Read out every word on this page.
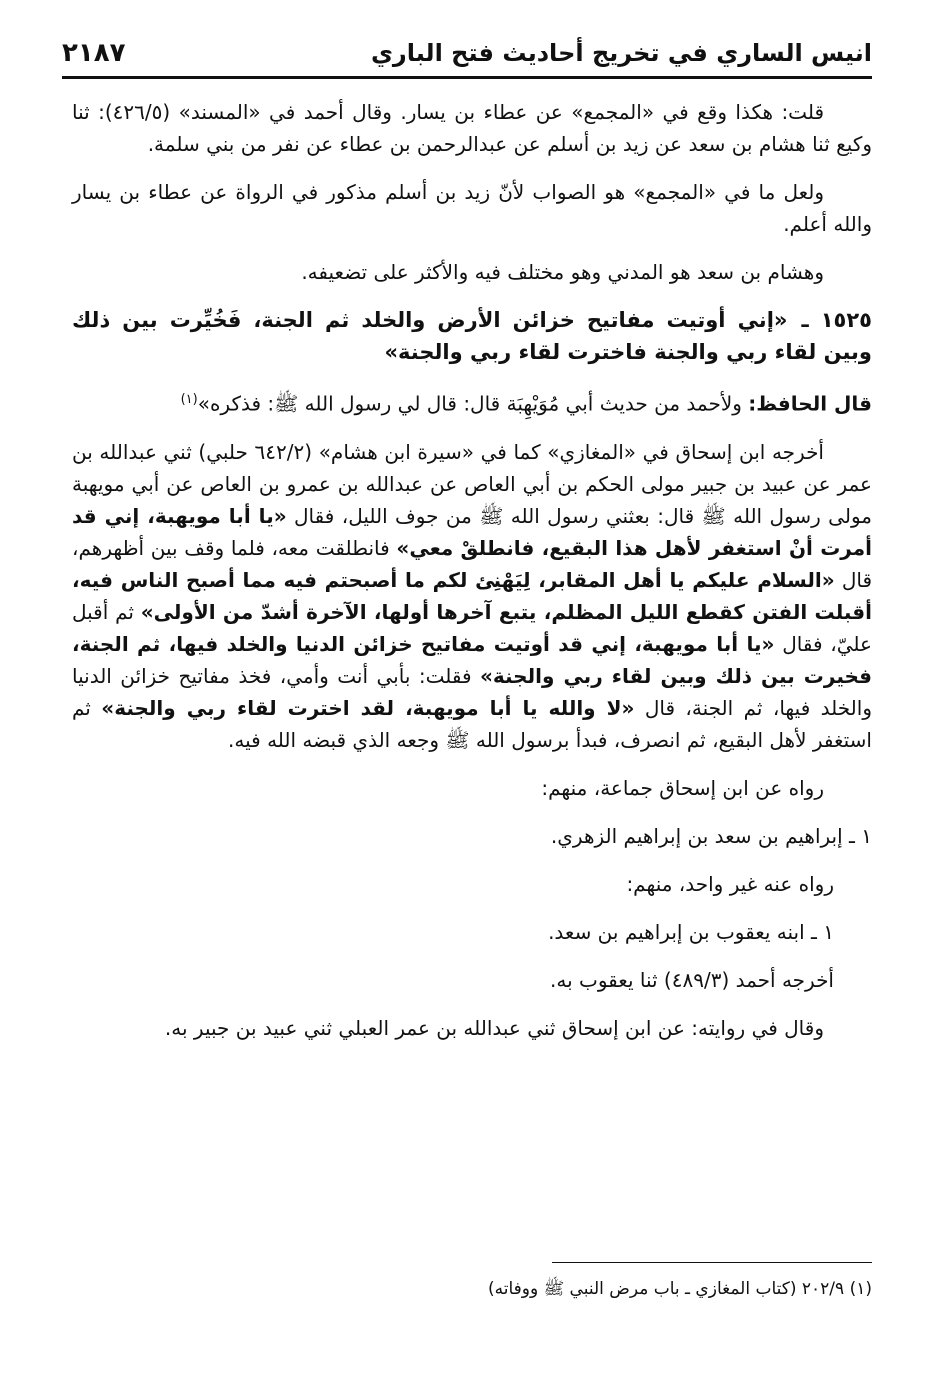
انيس الساري في تخريج أحاديث فتح الباري
٢١٨٧

قلت: هكذا وقع في «المجمع» عن عطاء بن يسار. وقال أحمد في «المسند» (٤٢٦/٥): ثنا وكيع ثنا هشام بن سعد عن زيد بن أسلم عن عبدالرحمن بن عطاء عن نفر من بني سلمة.

ولعل ما في «المجمع» هو الصواب لأنّ زيد بن أسلم مذكور في الرواة عن عطاء بن يسار والله أعلم.

وهشام بن سعد هو المدني وهو مختلف فيه والأكثر على تضعيفه.

١٥٢٥ ـ«إني أوتيت مفاتيح خزائن الأرض والخلد ثم الجنة، فَخُيِّرت بين ذلك وبين لقاء ربي والجنة فاخترت لقاء ربي والجنة»

قال الحافظ: ولأحمد من حديث أبي مُوَيْهِبَة قال: قال لي رسول الله ﷺ: فذكره»$^{(١)}$

أخرجه ابن إسحاق في «المغازي» كما في «سيرة ابن هشام» (٦٤٢/٢ حلبي) ثني عبدالله بن عمر عن عبيد بن جبير مولى الحكم بن أبي العاص عن عبدالله بن عمرو بن العاص عن أبي مويهبة مولى رسول الله ﷺ قال: بعثني رسول الله ﷺ من جوف الليل، فقال «يا أبا مويهبة، إني قد أمرت أنْ استغفر لأهل هذا البقيع، فانطلقْ معي» فانطلقت معه، فلما وقف بين أظهرهم، قال «السلام عليكم يا أهل المقابر، لِيَهْنِئ لكم ما أصبحتم فيه مما أصبح الناس فيه، أقبلت الفتن كقطع الليل المظلم، يتبع آخرها أولها، الآخرة أشدّ من الأولى» ثم أقبل عليّ، فقال «يا أبا مويهبة، إني قد أوتيت مفاتيح خزائن الدنيا والخلد فيها، ثم الجنة، فخيرت بين ذلك وبين لقاء ربي والجنة» فقلت: بأبي أنت وأمي، فخذ مفاتيح خزائن الدنيا والخلد فيها، ثم الجنة، قال «لا والله يا أبا مويهبة، لقد اخترت لقاء ربي والجنة» ثم استغفر لأهل البقيع، ثم انصرف، فبدأ برسول الله ﷺ وجعه الذي قبضه الله فيه.

رواه عن ابن إسحاق جماعة، منهم:

١ ـ إبراهيم بن سعد بن إبراهيم الزهري.

رواه عنه غير واحد، منهم:

١ ـ ابنه يعقوب بن إبراهيم بن سعد.

أخرجه أحمد (٤٨٩/٣) ثنا يعقوب به.

وقال في روايته: عن ابن إسحاق ثني عبدالله بن عمر العبلي ثني عبيد بن جبير به.

(١) ٢٠٢/٩ (كتاب المغازي ـ باب مرض النبي ﷺ ووفاته)
